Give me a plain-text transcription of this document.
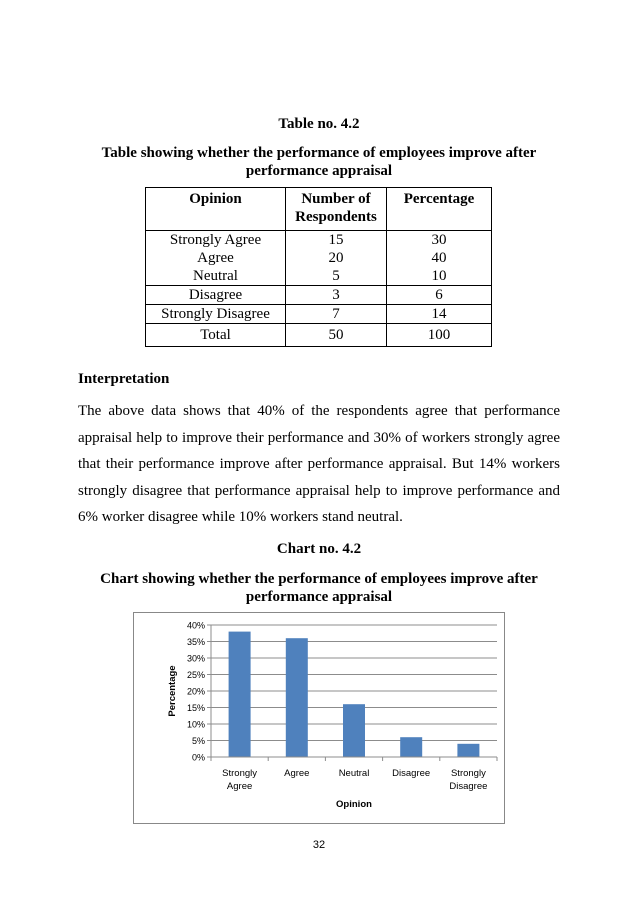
Table no. 4.2
Table showing whether the performance of employees improve after performance appraisal
Opinion	Number of Respondents	Percentage
Strongly Agree	15	30
Agree	20	40
Neutral	5	10
Disagree	3	6
Strongly Disagree	7	14
Total	50	100
Interpretation
The above data shows that 40% of the respondents agree that performance appraisal help to improve their performance and 30% of workers strongly agree that their performance improve after performance appraisal. But 14% workers strongly disagree that performance appraisal help to improve performance and 6% worker disagree while 10% workers stand neutral.
Chart no. 4.2
Chart showing whether the performance of employees improve after performance appraisal
0%
5%
10%
15%
20%
25%
30%
35%
40%
Strongly
Agree
Agree	Neutral Disagree Strongly
Disagree
Opinion
Percentage
32
